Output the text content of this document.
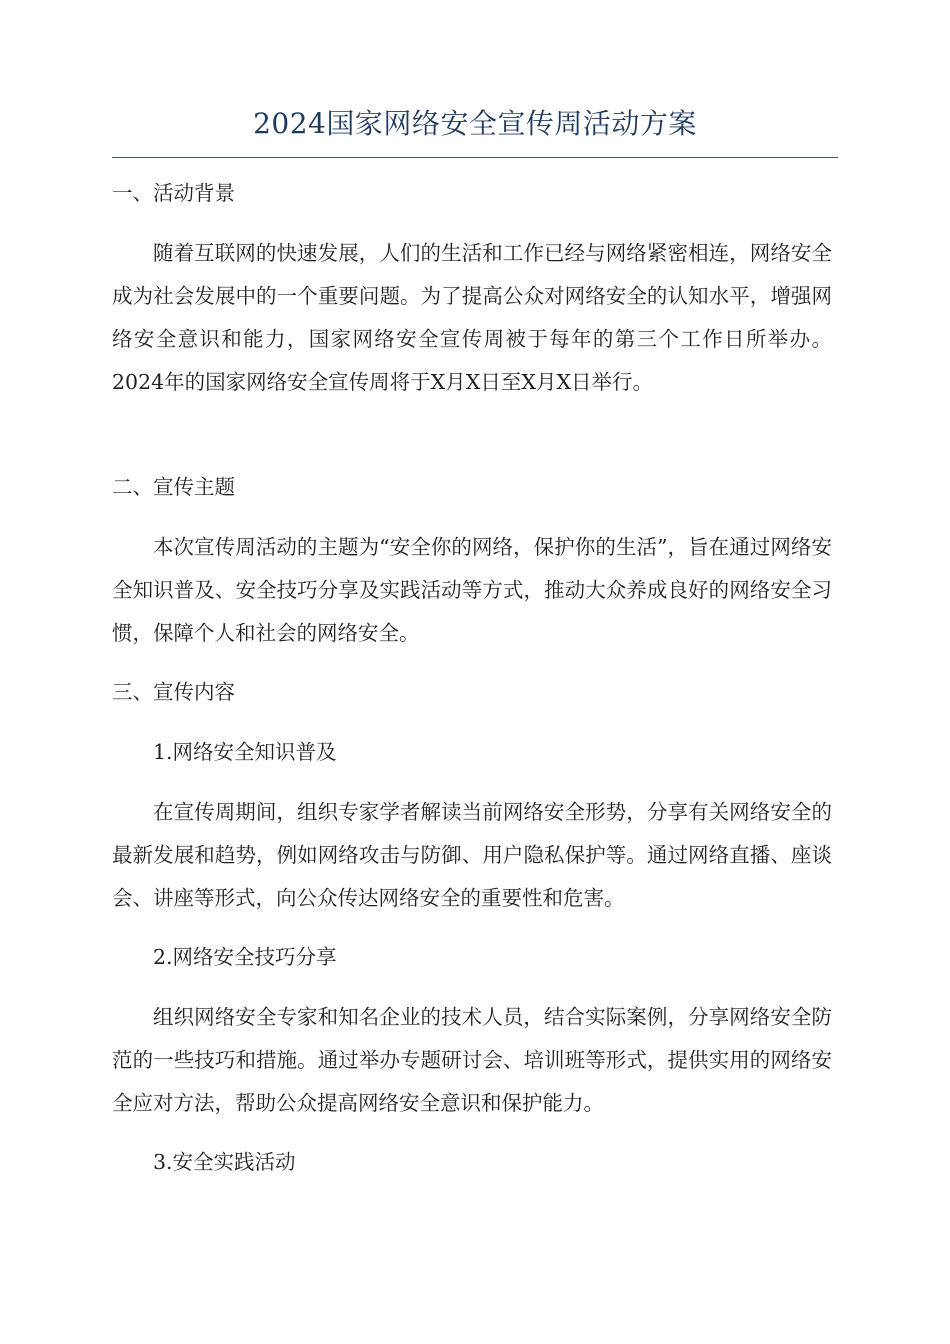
2024国家网络安全宣传周活动方案

一、活动背景

随着互联网的快速发展，人们的生活和工作已经与网络紧密相连，网络安全成为社会发展中的一个重要问题。为了提高公众对网络安全的认知水平，增强网络安全意识和能力，国家网络安全宣传周被于每年的第三个工作日所举办。2024年的国家网络安全宣传周将于X月X日至X月X日举行。

二、宣传主题

本次宣传周活动的主题为“安全你的网络，保护你的生活”，旨在通过网络安全知识普及、安全技巧分享及实践活动等方式，推动大众养成良好的网络安全习惯，保障个人和社会的网络安全。

三、宣传内容

1.网络安全知识普及

在宣传周期间，组织专家学者解读当前网络安全形势，分享有关网络安全的最新发展和趋势，例如网络攻击与防御、用户隐私保护等。通过网络直播、座谈会、讲座等形式，向公众传达网络安全的重要性和危害。

2.网络安全技巧分享

组织网络安全专家和知名企业的技术人员，结合实际案例，分享网络安全防范的一些技巧和措施。通过举办专题研讨会、培训班等形式，提供实用的网络安全应对方法，帮助公众提高网络安全意识和保护能力。

3.安全实践活动
